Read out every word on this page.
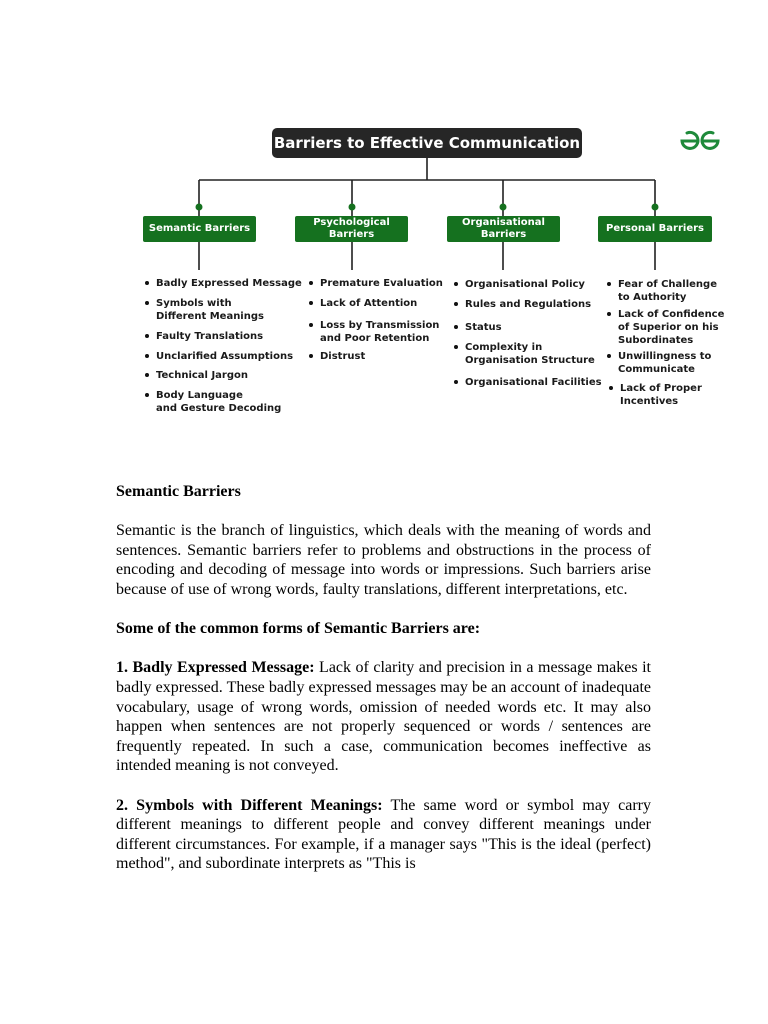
Barriers to Effective Communication
Semantic Barriers
Psychological
Barriers
Organisational
Barriers
Personal Barriers
Badly Expressed Message
Symbols with
Different Meanings
Faulty Translations
Unclarified Assumptions
Technical Jargon
Body Language
and Gesture Decoding
Premature Evaluation
Lack of Attention
Loss by Transmission
and Poor Retention
Distrust
Organisational Policy
Rules and Regulations
Status
Complexity in
Organisation Structure
Organisational Facilities
Fear of Challenge
to Authority
Lack of Confidence
of Superior on his
Subordinates
Unwillingness to
Communicate
Lack of Proper
Incentives

Semantic Barriers

Semantic is the branch of linguistics, which deals with the meaning of words and sentences. Semantic barriers refer to problems and obstructions in the process of encoding and decoding of message into words or impressions. Such barriers arise because of use of wrong words, faulty translations, different interpretations, etc.

Some of the common forms of Semantic Barriers are:

1. Badly Expressed Message: Lack of clarity and precision in a message makes it badly expressed. These badly expressed messages may be an account of inadequate vocabulary, usage of wrong words, omission of needed words etc. It may also happen when sentences are not properly sequenced or words / sentences are frequently repeated. In such a case, communication becomes ineffective as intended meaning is not conveyed.

2. Symbols with Different Meanings: The same word or symbol may carry different meanings to different people and convey different meanings under different circumstances. For example, if a manager says "This is the ideal (perfect) method", and subordinate interprets as "This is
